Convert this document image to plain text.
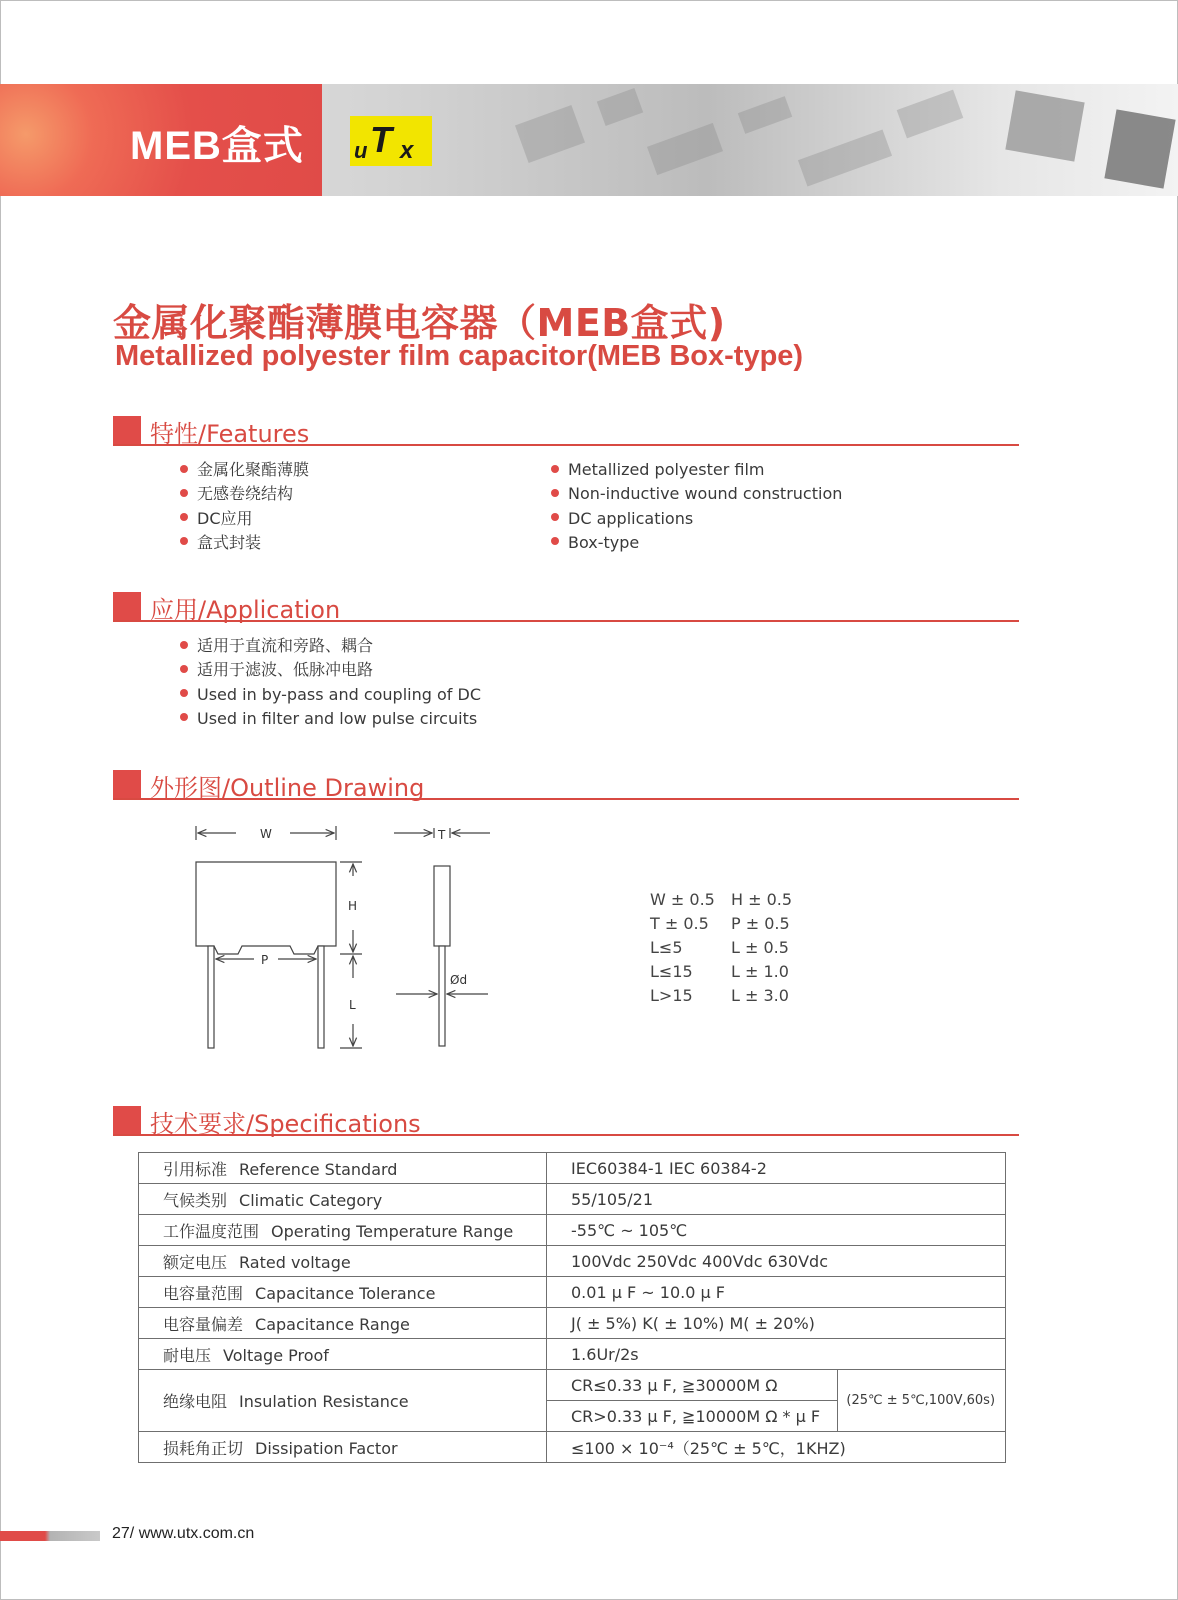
MEB盒式 u T x
金属化聚酯薄膜电容器（MEB盒式)
Metallized polyester film capacitor(MEB Box-type)
特性/Features
金属化聚酯薄膜
无感卷绕结构
DC应用
盒式封装
Metallized polyester film
Non-inductive wound construction
DC applications
Box-type
应用/Application
适用于直流和旁路、耦合
适用于滤波、低脉冲电路
Used in by-pass and coupling of DC
Used in filter and low pulse circuits
外形图/Outline Drawing
W	T
H
P
L
Ød
W ± 0.5 H ± 0.5
T ± 0.5 P ± 0.5
L≤5	L ± 0.5
L≤15 L ± 1.0
L>15 L ± 3.0
技术要求/Specifications
引用标准 Reference Standard	IEC60384-1 IEC 60384-2	
气候类别 Climatic Category	55/105/21	
工作温度范围 Operating Temperature Range	-55℃ ~ 105℃	
额定电压 Rated voltage	100Vdc 250Vdc 400Vdc 630Vdc	
电容量范围 Capacitance Tolerance	0.01 μ F ~ 10.0 μ F	
电容量偏差 Capacitance Range	J( ± 5%) K( ± 10%) M( ± 20%)	
耐电压 Voltage Proof	1.6Ur/2s	
绝缘电阻 Insulation Resistance	CR≤0.33 μ F, ≧30000M Ω	(25℃ ± 5℃,100V,60s)
	CR>0.33 μ F, ≧10000M Ω * μ F	
损耗角正切 Dissipation Factor	≤100 × 10⁻⁴（25℃ ± 5℃，1KHZ)	
27/ www.utx.com.cn
